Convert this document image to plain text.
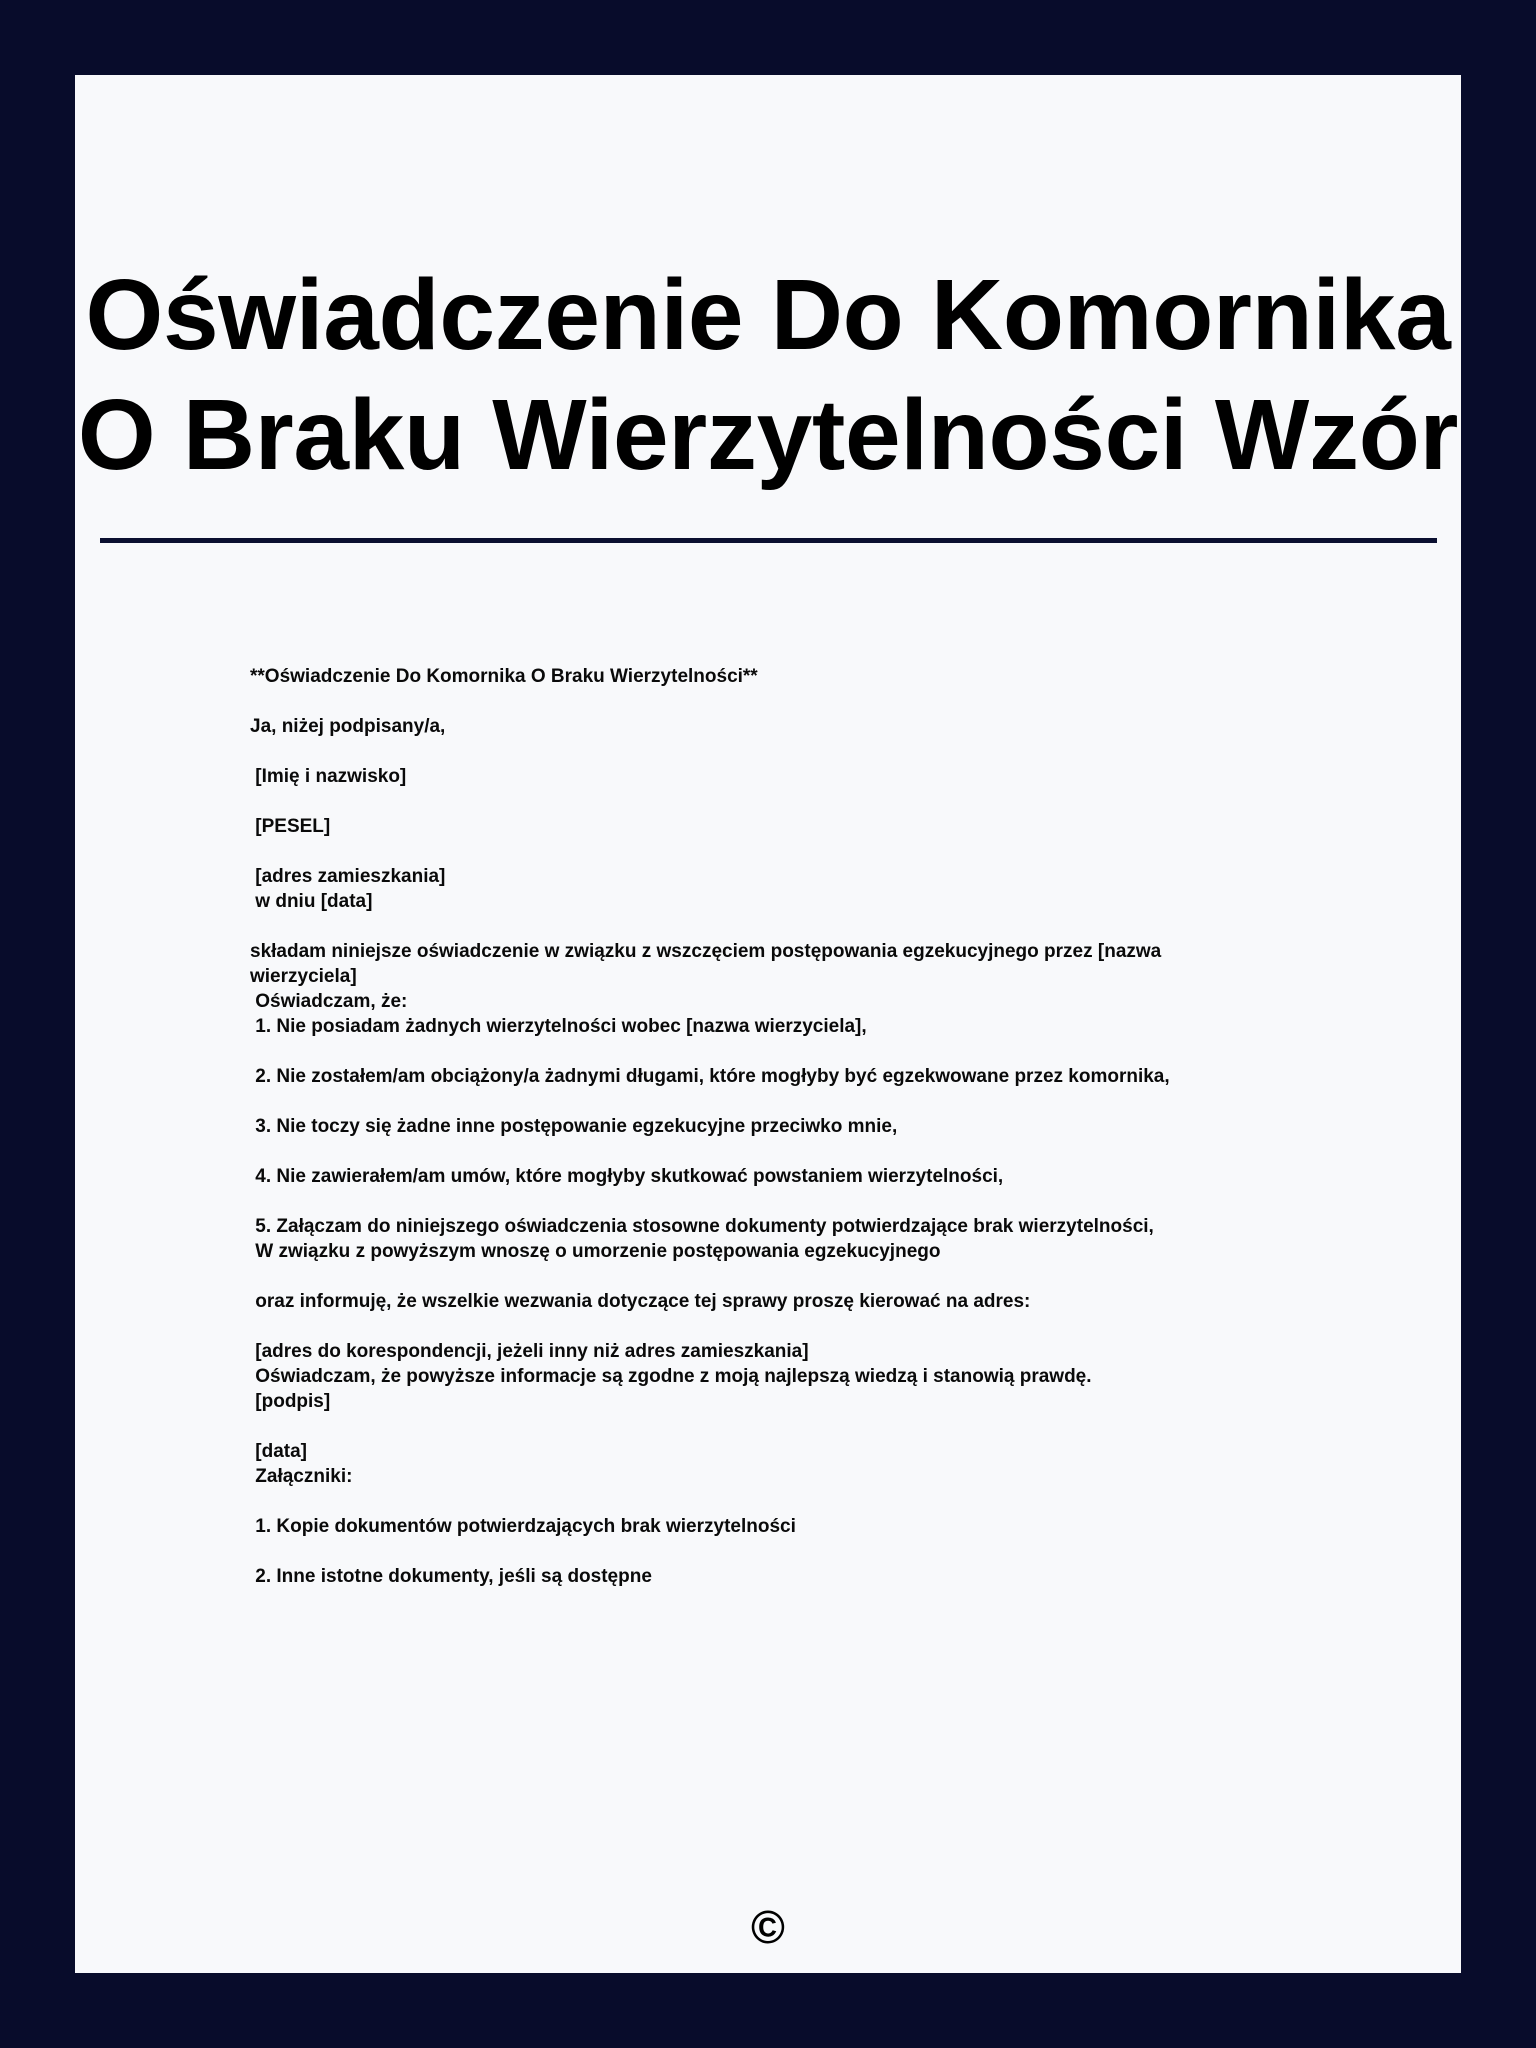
Oświadczenie Do Komornika
O Braku Wierzytelności Wzór
**Oświadczenie Do Komornika O Braku Wierzytelności**
Ja, niżej podpisany/a,
[Imię i nazwisko]
[PESEL]
[adres zamieszkania]
w dniu [data]
składam niniejsze oświadczenie w związku z wszczęciem postępowania egzekucyjnego przez [nazwa
wierzyciela]
Oświadczam, że:
1. Nie posiadam żadnych wierzytelności wobec [nazwa wierzyciela],
2. Nie zostałem/am obciążony/a żadnymi długami, które mogłyby być egzekwowane przez komornika,
3. Nie toczy się żadne inne postępowanie egzekucyjne przeciwko mnie,
4. Nie zawierałem/am umów, które mogłyby skutkować powstaniem wierzytelności,
5. Załączam do niniejszego oświadczenia stosowne dokumenty potwierdzające brak wierzytelności,
W związku z powyższym wnoszę o umorzenie postępowania egzekucyjnego
oraz informuję, że wszelkie wezwania dotyczące tej sprawy proszę kierować na adres:
[adres do korespondencji, jeżeli inny niż adres zamieszkania]
Oświadczam, że powyższe informacje są zgodne z moją najlepszą wiedzą i stanowią prawdę.
[podpis]
[data]
Załączniki:
1. Kopie dokumentów potwierdzających brak wierzytelności
2. Inne istotne dokumenty, jeśli są dostępne
©
